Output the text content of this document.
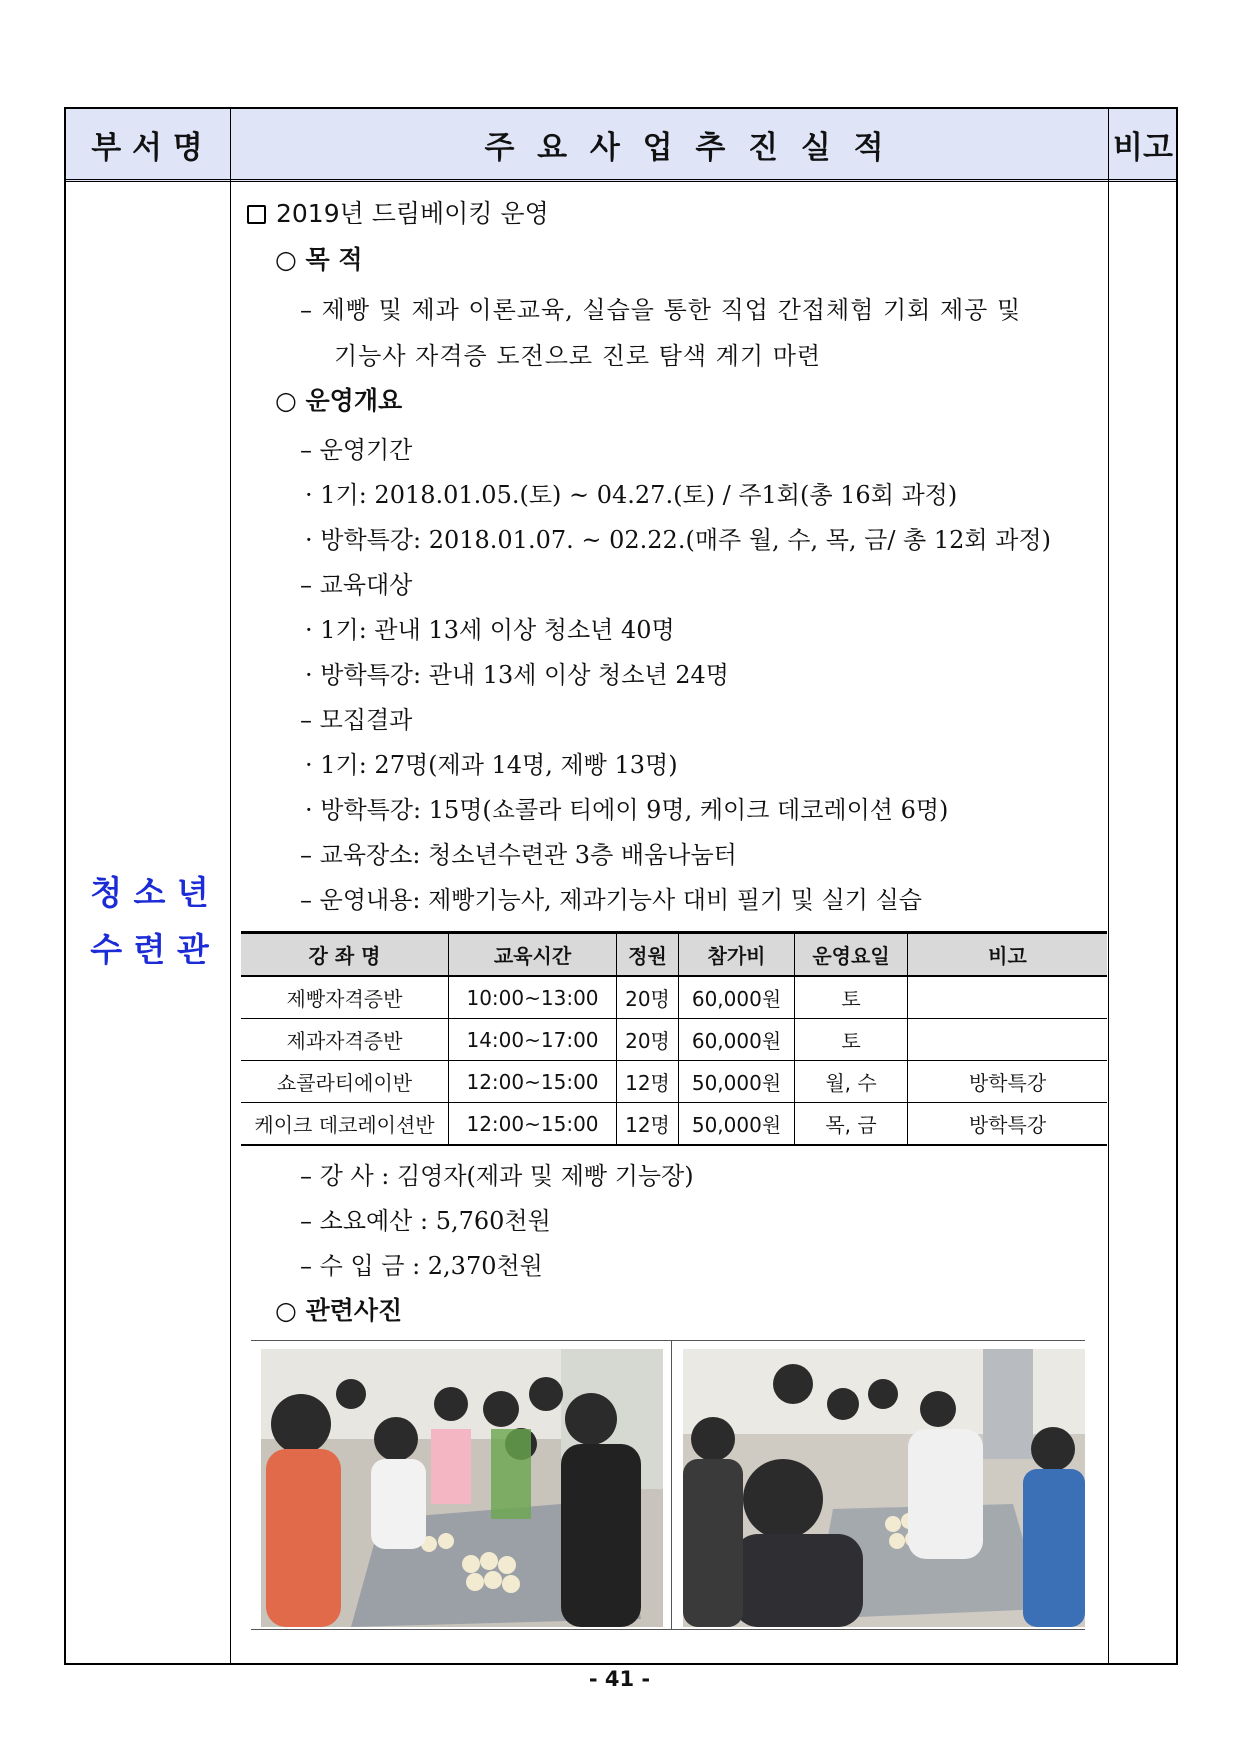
부 서 명	주 요 사 업 추 진 실 적	비고
청 소 년
수 련 관
2019년 드림베이킹 운영
○ 목 적
– 제빵 및 제과 이론교육, 실습을 통한 직업 간접체험 기회 제공 및
기능사 자격증 도전으로 진로 탐색 계기 마련
○ 운영개요
– 운영기간
· 1기: 2018.01.05.(토) ~ 04.27.(토) / 주1회(총 16회 과정)
· 방학특강: 2018.01.07. ~ 02.22.(매주 월, 수, 목, 금/ 총 12회 과정)
– 교육대상
· 1기: 관내 13세 이상 청소년 40명
· 방학특강: 관내 13세 이상 청소년 24명
– 모집결과
· 1기: 27명(제과 14명, 제빵 13명)
· 방학특강: 15명(쇼콜라 티에이 9명, 케이크 데코레이션 6명)
– 교육장소: 청소년수련관 3층 배움나눔터
– 운영내용: 제빵기능사, 제과기능사 대비 필기 및 실기 실습
강 좌 명	교육시간	정원	참가비	운영요일	비고
제빵자격증반	10:00~13:00	20명	60,000원	토	
제과자격증반	14:00~17:00	20명	60,000원	토	
쇼콜라티에이반	12:00~15:00	12명	50,000원	월, 수	방학특강
케이크 데코레이션반	12:00~15:00	12명	50,000원	목, 금	방학특강
– 강 사 : 김영자(제과 및 제빵 기능장)
– 소요예산 : 5,760천원
– 수 입 금 : 2,370천원
○ 관련사진
- 41 -
